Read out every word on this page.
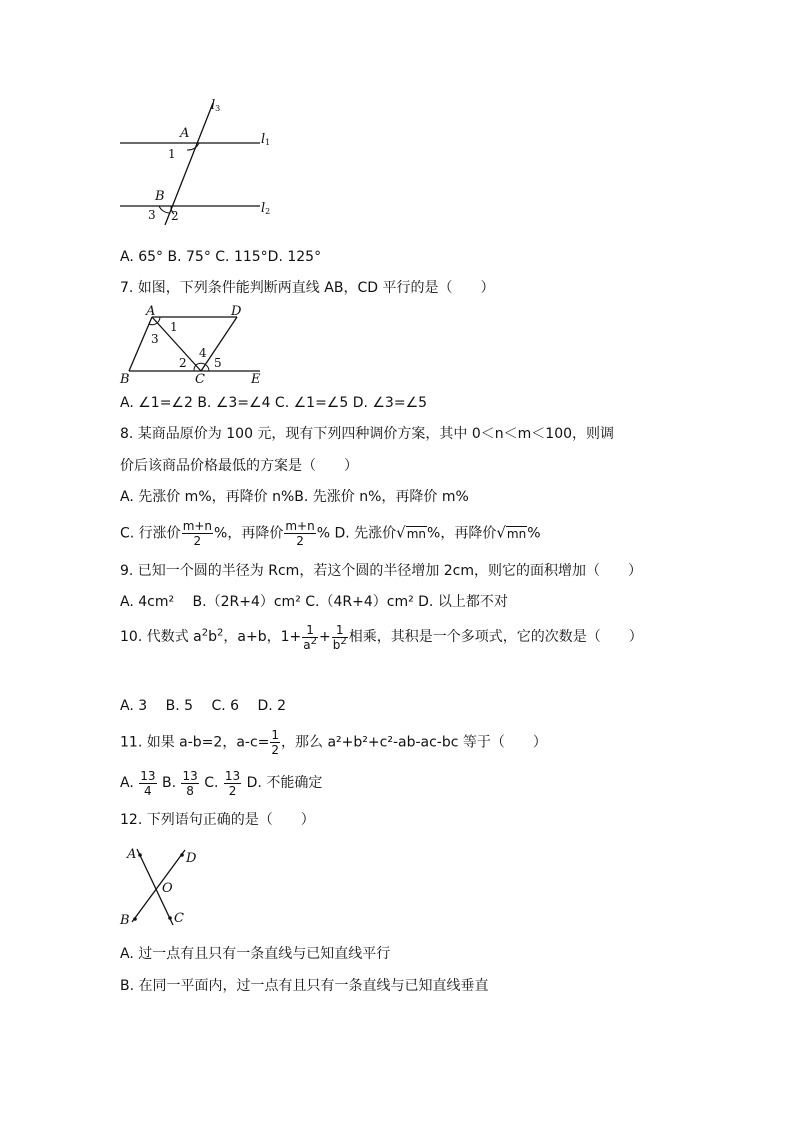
l3
l1
l2
A
B
1
2
3
A. 65° B. 75° C. 115°D. 125°
7. 如图，下列条件能判断两直线 AB，CD 平行的是（　　）
A	D
B	C	E
1
3
2
4
5
A. ∠1=∠2 B. ∠3=∠4 C. ∠1=∠5 D. ∠3=∠5
8. 某商品原价为 100 元，现有下列四种调价方案，其中 0＜n＜m＜100，则调
价后该商品价格最低的方案是（　　）
A. 先涨价 m%，再降价 n%B. 先涨价 n%，再降价 m%
C. 行涨价 $\frac{m+n}{2}$ %，再降价 $\frac{m+n}{2}$ % D. 先涨价√mn%，再降价√mn%
9. 已知一个圆的半径为 Rcm，若这个圆的半径增加 2cm，则它的面积增加（　　）
A. 4cm²　 B.（2R+4）cm² C.（4R+4）cm² D. 以上都不对
10. 代数式 $a^2b^2$，a+b，$1+ \frac{1}{a^2} + \frac{1}{b^2}$ 相乘，其积是一个多项式，它的次数是（　　）
A. 3　 B. 5　 C. 6　 D. 2
11. 如果 a-b=2，$a-c= \frac{1}{2}$ ，那么 a²+b²+c²-ab-ac-bc 等于（　　）
A. $\frac{13}{4} B$. $\frac{13}{8} C$. $\frac{13}{2} D$. 不能确定
12. 下列语句正确的是（　　）
A	D
O
B	C
A. 过一点有且只有一条直线与已知直线平行
B. 在同一平面内，过一点有且只有一条直线与已知直线垂直
